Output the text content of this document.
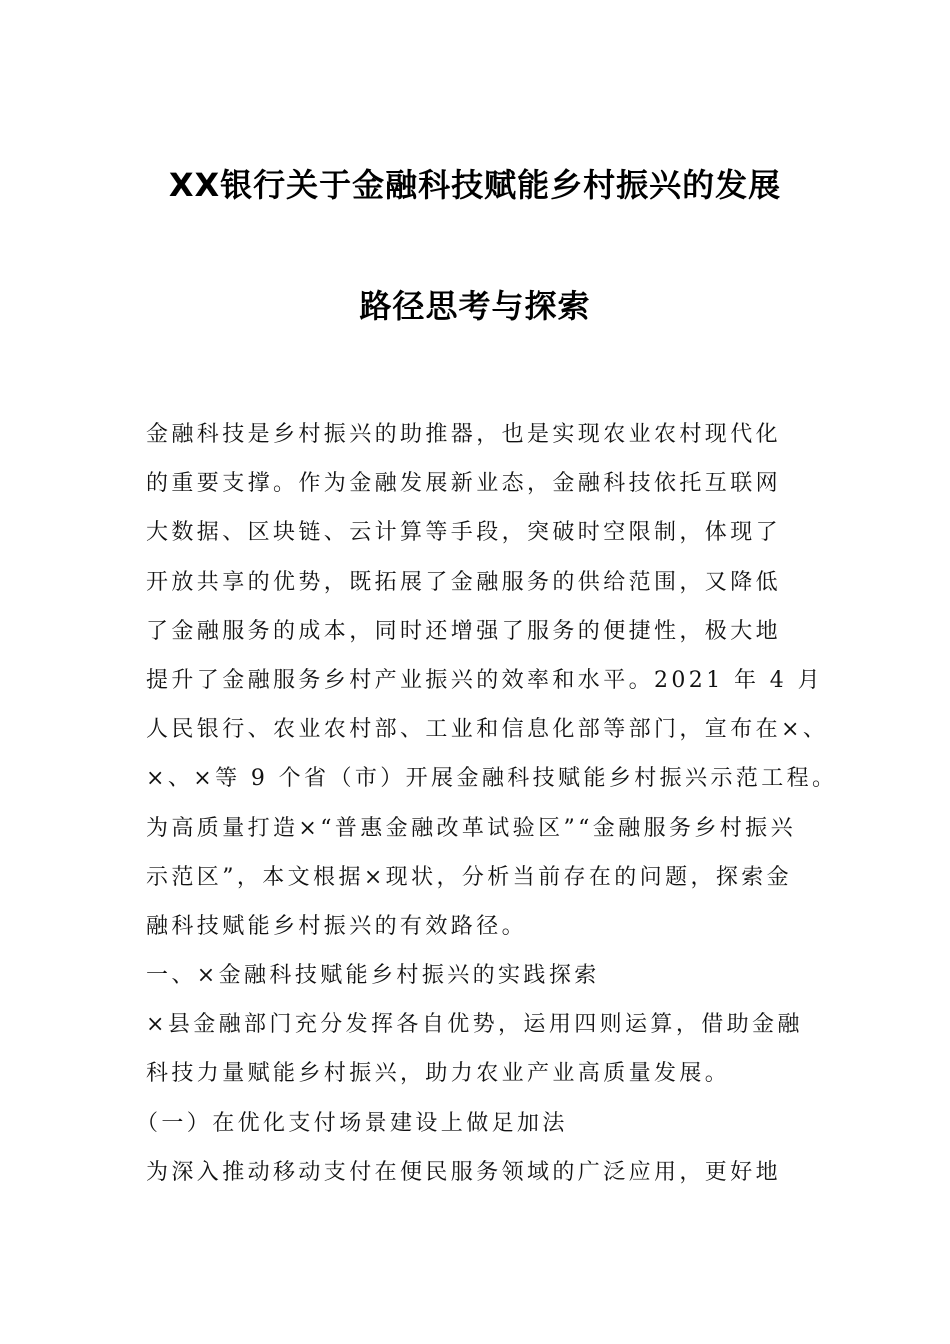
XX银行关于金融科技赋能乡村振兴的发展
路径思考与探索
金融科技是乡村振兴的助推器，也是实现农业农村现代化
的重要支撑。作为金融发展新业态，金融科技依托互联网
大数据、区块链、云计算等手段，突破时空限制，体现了
开放共享的优势，既拓展了金融服务的供给范围，又降低
了金融服务的成本，同时还增强了服务的便捷性，极大地
提升了金融服务乡村产业振兴的效率和水平。2021 年 4 月
人民银行、农业农村部、工业和信息化部等部门，宣布在×、
×、×等 9 个省（市）开展金融科技赋能乡村振兴示范工程。
为高质量打造×“普惠金融改革试验区”“金融服务乡村振兴
示范区”，本文根据×现状，分析当前存在的问题，探索金
融科技赋能乡村振兴的有效路径。
一、×金融科技赋能乡村振兴的实践探索
×县金融部门充分发挥各自优势，运用四则运算，借助金融
科技力量赋能乡村振兴，助力农业产业高质量发展。
（一）在优化支付场景建设上做足加法
为深入推动移动支付在便民服务领域的广泛应用，更好地
